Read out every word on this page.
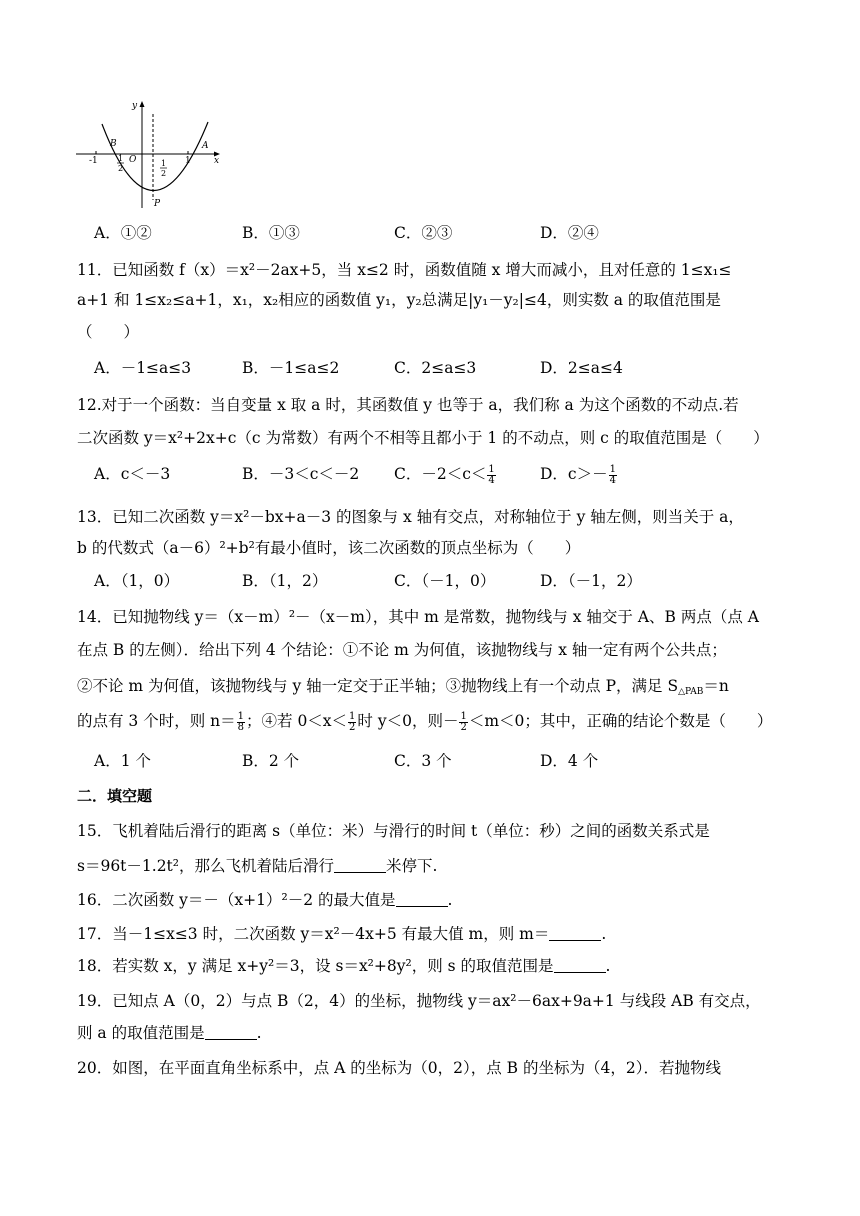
y
x
-1
B
1
2
O	1
2
1
A
P
A．①②	B．①③	C．②③	D．②④
11．已知函数 f（x）＝x²－2ax+5，当 x≤2 时，函数值随 x 增大而减小，且对任意的 1≤x₁≤
a+1 和 1≤x₂≤a+1，x₁，x₂相应的函数值 y₁，y₂总满足|y₁－y₂|≤4，则实数 a 的取值范围是
（　　）
A．－1≤a≤3	B．－1≤a≤2	C．2≤a≤3	D．2≤a≤4
12.对于一个函数：当自变量 x 取 a 时，其函数值 y 也等于 a，我们称 a 为这个函数的不动点.若
二次函数 y＝x²+2x+c（c 为常数）有两个不相等且都小于 1 的不动点，则 c 的取值范围是（　　）
A．c＜－3	B．－3＜c＜－2 C．$-2<c< \frac{1}{4}$	D．$c>- \frac{1}{4}$
13．已知二次函数 y＝x²－bx+a－3 的图象与 x 轴有交点，对称轴位于 y 轴左侧，则当关于 a，
b 的代数式（a－6）²+b²有最小值时，该二次函数的顶点坐标为（　　）
A．（1，0）	B．（1，2）	C．（－1，0）	D．（－1，2）
14．已知抛物线 y＝（x－m）²－（x－m），其中 m 是常数，抛物线与 x 轴交于 A、B 两点（点 A
在点 B 的左侧）．给出下列 4 个结论：①不论 m 为何值，该抛物线与 x 轴一定有两个公共点；
②不论 m 为何值，该抛物线与 y 轴一定交于正半轴；③抛物线上有一个动点 P，满足 $S_{\triangle PAB}=n$
的点有 3 个时，则 $n= \frac{1}{8}$ ；④若 $0<x< \frac{1}{2}$ 时 y＜0，则－ $\frac{1}{2} <m<0$；其中，正确的结论个数是（　　）
A．1 个	B．2 个	C．3 个	D．4 个
二．填空题
15．飞机着陆后滑行的距离 s（单位：米）与滑行的时间 t（单位：秒）之间的函数关系式是
s＝96t－1.2t²，那么飞机着陆后滑行	米停下.
16．二次函数 y＝－（x+1）²－2 的最大值是	.
17．当－1≤x≤3 时，二次函数 y＝x²－4x+5 有最大值 m，则 m＝	.
18．若实数 x，y 满足 x+y²＝3，设 s＝x²+8y²，则 s 的取值范围是	.
19．已知点 A（0，2）与点 B（2，4）的坐标，抛物线 y＝ax²－6ax+9a+1 与线段 AB 有交点，
则 a 的取值范围是	.
20．如图，在平面直角坐标系中，点 A 的坐标为（0，2），点 B 的坐标为（4，2）．若抛物线
